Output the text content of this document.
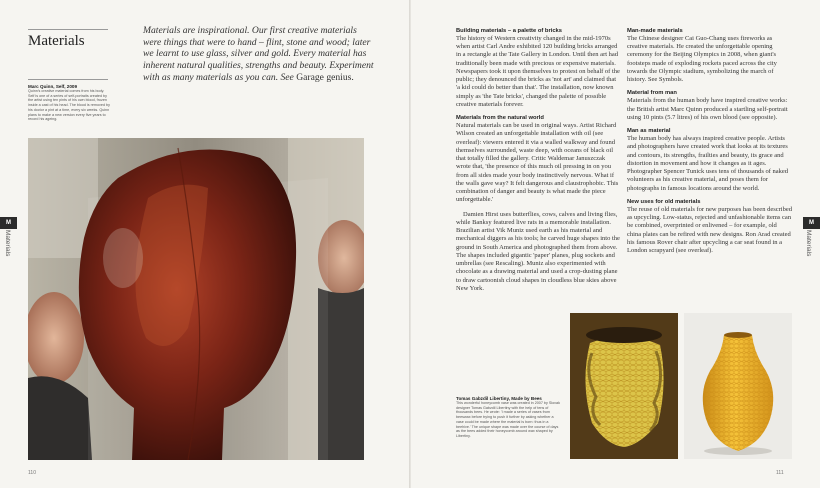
Materials

Materials are inspirational. Our first creative materials were things that were to hand – flint, stone and wood; later we learnt to use glass, silver and gold. Every material has inherent natural qualities, strengths and beauty. Experiment with as many materials as you can. See Garage genius.

Marc Quinn, Self, 2009

Quinn's creative material comes from his body. Self is one of a series of self-portraits created by the artist using ten pints of his own blood, frozen inside a cast of his head. The blood is removed by his doctor a pint at a time, every six weeks. Quinn plans to make a new version every five years to record his ageing.

110
M
Materials
Building materials – a palette of bricks

The history of Western creativity changed in the mid-1970s when artist Carl Andre exhibited 120 building bricks arranged in a rectangle at the Tate Gallery in London. Until then art had traditionally been made with precious or expensive materials. Newspapers took it upon themselves to protest on behalf of the public; they denounced the bricks as 'not art' and claimed that 'a kid could do better than that'. The installation, now known simply as 'the Tate bricks', changed the palette of possible creative materials forever.

Materials from the natural world

Natural materials can be used in original ways. Artist Richard Wilson created an unforgettable installation with oil (see overleaf): viewers entered it via a walled walkway and found themselves surrounded, waste deep, with oceans of black oil that totally filled the gallery. Critic Waldemar Januszczak wrote that, 'the presence of this much oil pressing in on you from all sides made your body instinctively nervous. What if the walls gave way? It felt dangerous and claustrophobic. This combination of danger and beauty is what made the piece unforgettable.'

Damien Hirst uses butterflies, cows, calves and living flies, while Banksy featured live rats in a memorable installation. Brazilian artist Vik Muniz used earth as his material and mechanical diggers as his tools; he carved huge shapes into the ground in South America and photographed them from above. The shapes included gigantic 'paper' planes, plug sockets and umbrellas (see Rescaling). Muniz also experimented with chocolate as a drawing material and used a crop-dusting plane to draw cartoonish cloud shapes in cloudless blue skies above New York.

Man-made materials

The Chinese designer Cai Guo-Chang uses fireworks as creative materials. He created the unforgettable opening ceremony for the Beijing Olympics in 2008, when giant's footsteps made of exploding rockets paced across the city towards the Olympic stadium, symbolizing the march of history. See Symbols.

Material from man

Materials from the human body have inspired creative works: the British artist Marc Quinn produced a startling self-portrait using 10 pints (5.7 litres) of his own blood (see opposite).

Man as material

The human body has always inspired creative people. Artists and photographers have created work that looks at its textures and contours, its strengths, frailties and beauty, its grace and distortion in movement and how it changes as it ages. Photographer Spencer Tunick uses tens of thousands of naked volunteers as his creative material, and poses them for photographs in famous locations around the world.

New uses for old materials

The reuse of old materials for new purposes has been described as upcycling. Low-status, rejected and unfashionable items can be combined, overprinted or enlivened – for example, old china plates can be refired with new designs. Ron Arad created his famous Rover chair after upcycling a car seat found in a London scrapyard (see overleaf).

Tomas Gabzdil Libertiny, Made by Bees

This wonderful honeycomb vase was created in 2007 by Slovak designer Tomas Gabzdil Libertiny with the help of tens of thousands bees. He wrote: 'I made a series of vases from beeswax before trying to push it further by asking whether a vase could be made where the material is born: thus in a beehive.' The unique shape was made over the course of days as the bees added their honeycomb around wax shaped by Libertiny.

111
M
Materials
